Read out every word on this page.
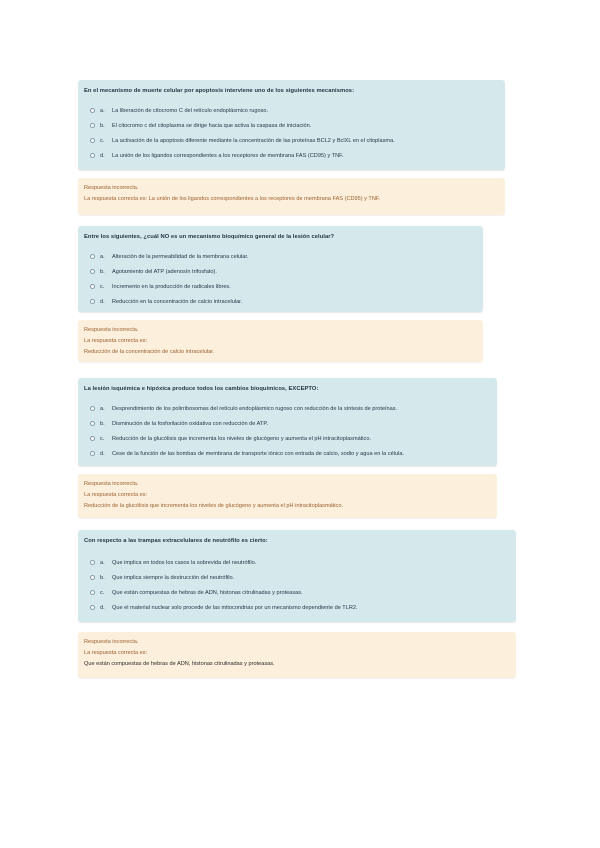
En el mecanismo de muerte celular por apoptosis interviene uno de los siguientes mecanismos:
a.	La liberación de citocromo C del retículo endoplásmico rugoso.
b.	El citocromo c del citoplasma se dirige hacia que activa la caspasa de iniciación.
c.	La activación de la apoptosis diferente mediante la concentración de las proteínas BCL2 y BclXL en el citoplasma.
d.	La unión de los ligandos correspondientes a los receptores de membrana FAS (CD95) y TNF.
Respuesta incorrecta.
La respuesta correcta es: La unión de los ligandos correspondientes a los receptores de membrana FAS (CD95) y TNF.
Entre los siguientes, ¿cuál NO es un mecanismo bioquímico general de la lesión celular?
a.	Alteración de la permeabilidad de la membrana celular.
b.	Agotamiento del ATP (adenosín trifosfato).
c.	Incremento en la producción de radicales libres.
d.	Reducción en la concentración de calcio intracelular.
Respuesta incorrecta.
La respuesta correcta es:
Reducción de la concentración de calcio intracelular.
La lesión isquémica e hipóxica produce todos los cambios bioquímicos, EXCEPTO:
a.	Desprendimiento de los polirribosomas del retículo endoplásmico rugoso con reducción de la síntesis de proteínas.
b.	Disminución de la fosforilación oxidativa con reducción de ATP.
c.	Reducción de la glucólisis que incrementa los niveles de glucógeno y aumenta el pH intracitoplasmático.
d.	Cese de la función de las bombas de membrana de transporte iónico con entrada de calcio, sodio y agua en la célula.
Respuesta incorrecta.
La respuesta correcta es:
Reducción de la glucólisis que incrementa los niveles de glucógeno y aumenta el pH intracitoplasmático.
Con respecto a las trampas extracelulares de neutrófilo es cierto:
a.	Que implica en todos los casos la sobrevida del neutrófilo.
b.	Que implica siempre la destrucción del neutrófilo.
c.	Que están compuestas de hebras de ADN, histonas citrulinadas y proteasas.
d.	Que el material nuclear solo procede de las mitocondrias por un mecanismo dependiente de TLR2.
Respuesta incorrecta.
La respuesta correcta es:
Que están compuestas de hebras de ADN, histonas citrulinadas y proteasas.
